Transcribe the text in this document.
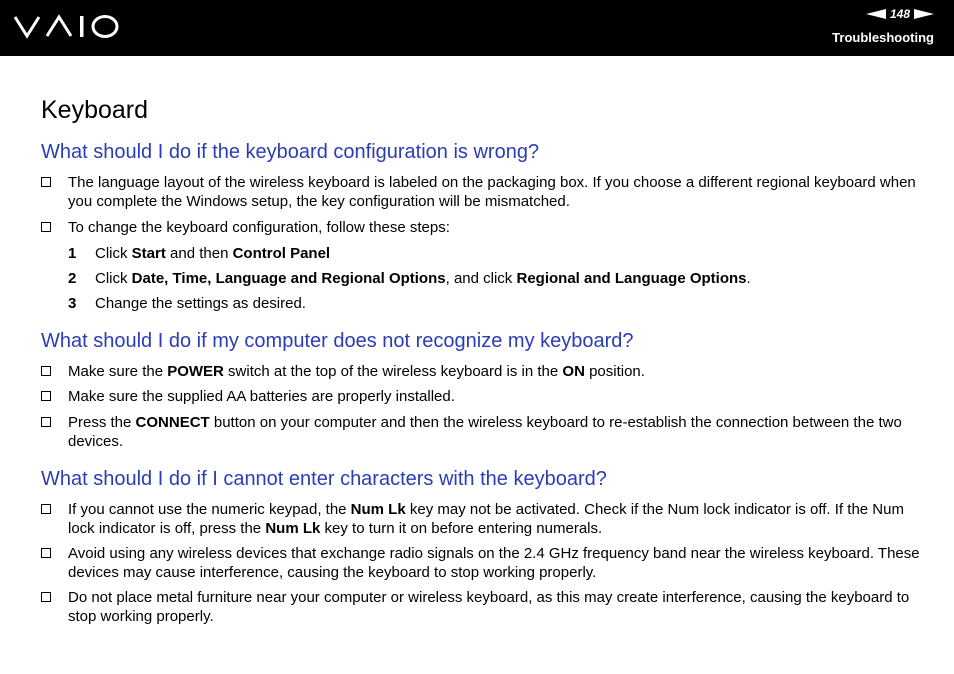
148
Troubleshooting
Keyboard
What should I do if the keyboard configuration is wrong?
The language layout of the wireless keyboard is labeled on the packaging box. If you choose a different regional keyboard when you complete the Windows setup, the key configuration will be mismatched.
To change the keyboard configuration, follow these steps:
1 Click Start and then Control Panel
2 Click Date, Time, Language and Regional Options, and click Regional and Language Options.
3 Change the settings as desired.
What should I do if my computer does not recognize my keyboard?
Make sure the POWER switch at the top of the wireless keyboard is in the ON position.
Make sure the supplied AA batteries are properly installed.
Press the CONNECT button on your computer and then the wireless keyboard to re-establish the connection between the two devices.
What should I do if I cannot enter characters with the keyboard?
If you cannot use the numeric keypad, the Num Lk key may not be activated. Check if the Num lock indicator is off. If the Num lock indicator is off, press the Num Lk key to turn it on before entering numerals.
Avoid using any wireless devices that exchange radio signals on the 2.4 GHz frequency band near the wireless keyboard. These devices may cause interference, causing the keyboard to stop working properly.
Do not place metal furniture near your computer or wireless keyboard, as this may create interference, causing the keyboard to stop working properly.
